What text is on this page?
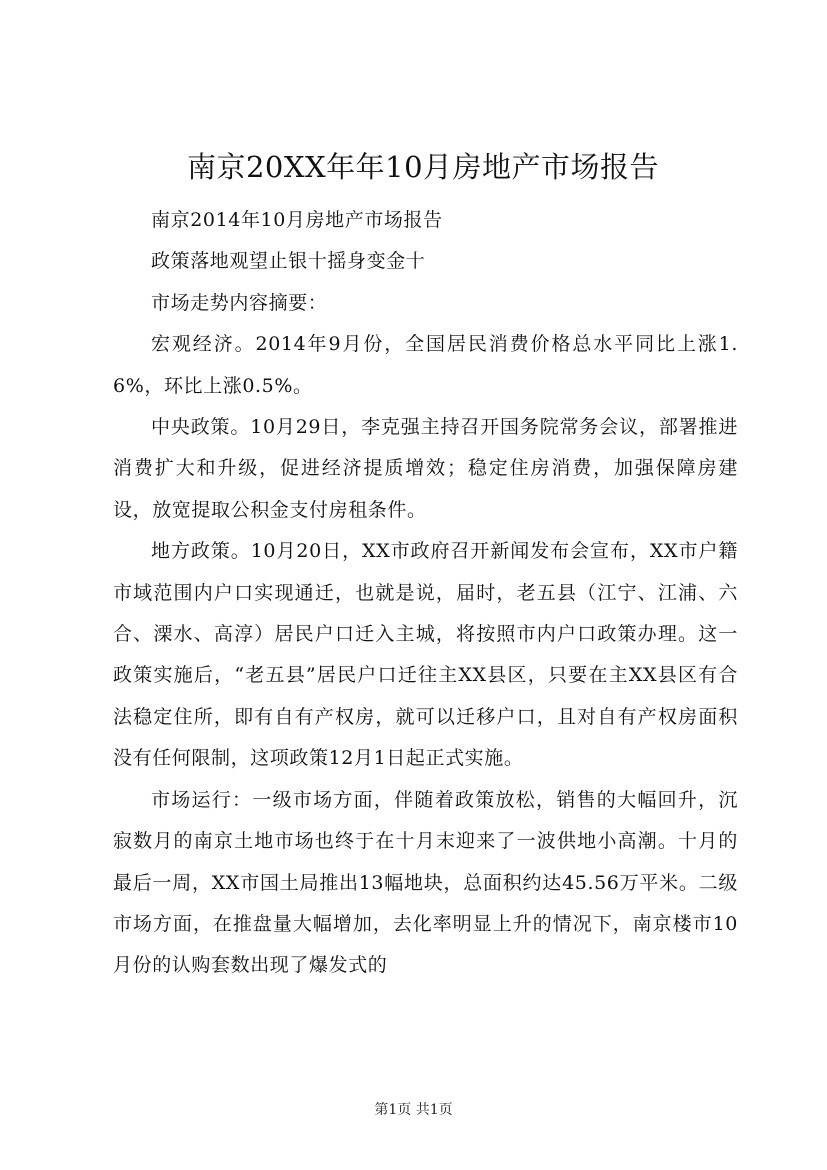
南京20XX年年10月房地产市场报告

南京2014年10月房地产市场报告

政策落地观望止银十摇身变金十

市场走势内容摘要：

宏观经济。2014年9月份，全国居民消费价格总水平同比上涨1.6%，环比上涨0.5%。

中央政策。10月29日，李克强主持召开国务院常务会议，部署推进消费扩大和升级，促进经济提质增效；稳定住房消费，加强保障房建设，放宽提取公积金支付房租条件。

地方政策。10月20日，XX市政府召开新闻发布会宣布，XX市户籍市域范围内户口实现通迁，也就是说，届时，老五县（江宁、江浦、六合、溧水、高淳）居民户口迁入主城，将按照市内户口政策办理。这一政策实施后，“老五县”居民户口迁往主XX县区，只要在主XX县区有合法稳定住所，即有自有产权房，就可以迁移户口，且对自有产权房面积没有任何限制，这项政策12月1日起正式实施。

市场运行：一级市场方面，伴随着政策放松，销售的大幅回升，沉寂数月的南京土地市场也终于在十月末迎来了一波供地小高潮。十月的最后一周，XX市国土局推出13幅地块，总面积约达45.56万平米。二级市场方面，在推盘量大幅增加，去化率明显上升的情况下，南京楼市10月份的认购套数出现了爆发式的

第1页 共1页
